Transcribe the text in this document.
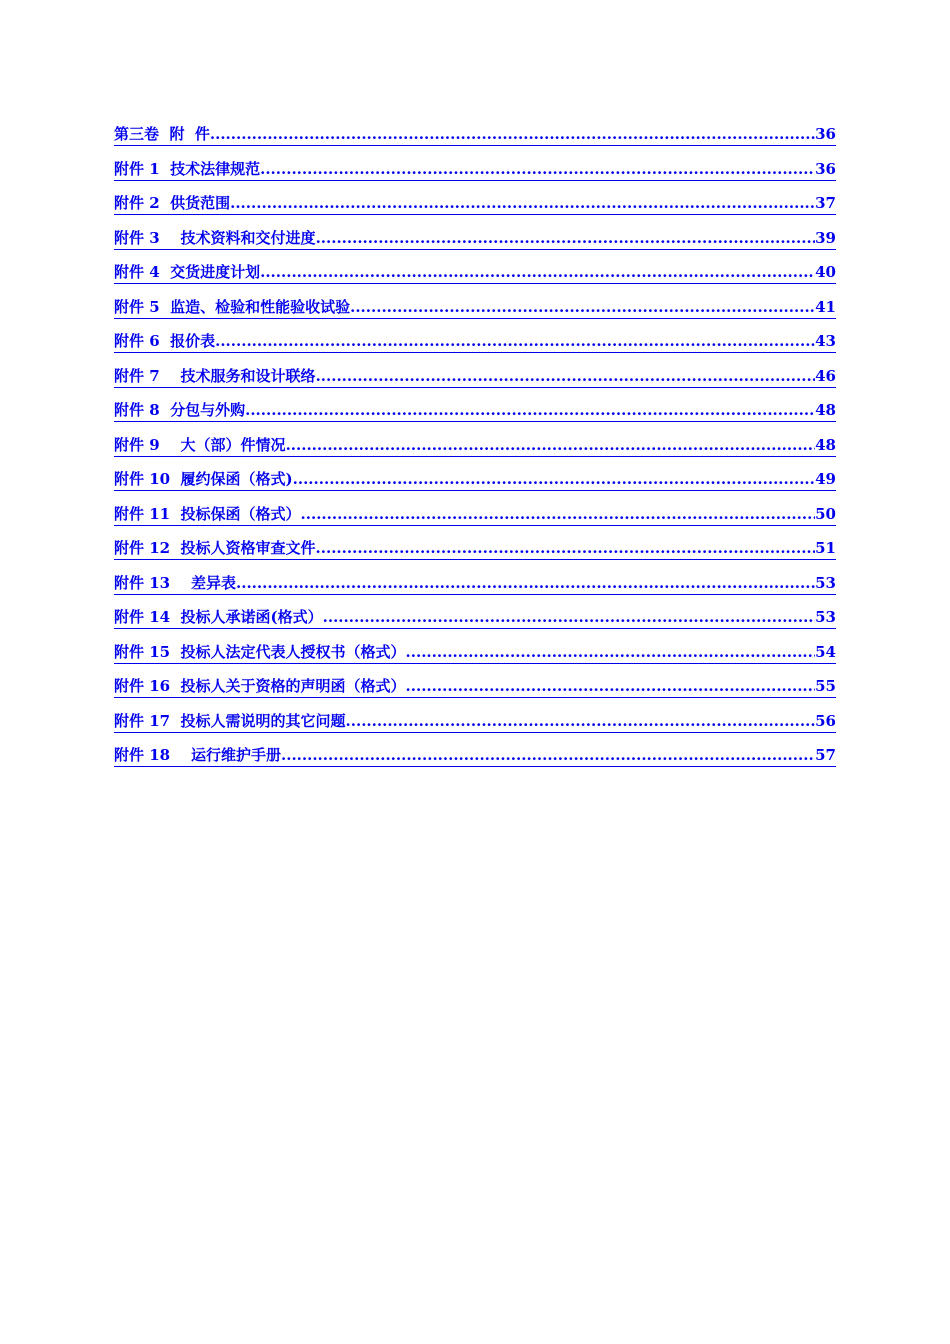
第三卷  附  件 .....	36
附件 1  技术法律规范 .....	36
附件 2  供货范围 .....	37
附件 3    技术资料和交付进度 .....	39
附件 4  交货进度计划 .....	40
附件 5  监造、检验和性能验收试验 .....	41
附件 6  报价表 .....	43
附件 7    技术服务和设计联络 .....	46
附件 8  分包与外购 .....	48
附件 9    大（部）件情况 .....	48
附件 10  履约保函（格式) .....	49
附件 11  投标保函（格式） .....	50
附件 12  投标人资格审查文件 .....	51
附件 13    差异表 .....	53
附件 14  投标人承诺函(格式） .....	53
附件 15  投标人法定代表人授权书（格式） .....	54
附件 16  投标人关于资格的声明函（格式） .....	55
附件 17  投标人需说明的其它问题 .....	56
附件 18    运行维护手册 .....	57
